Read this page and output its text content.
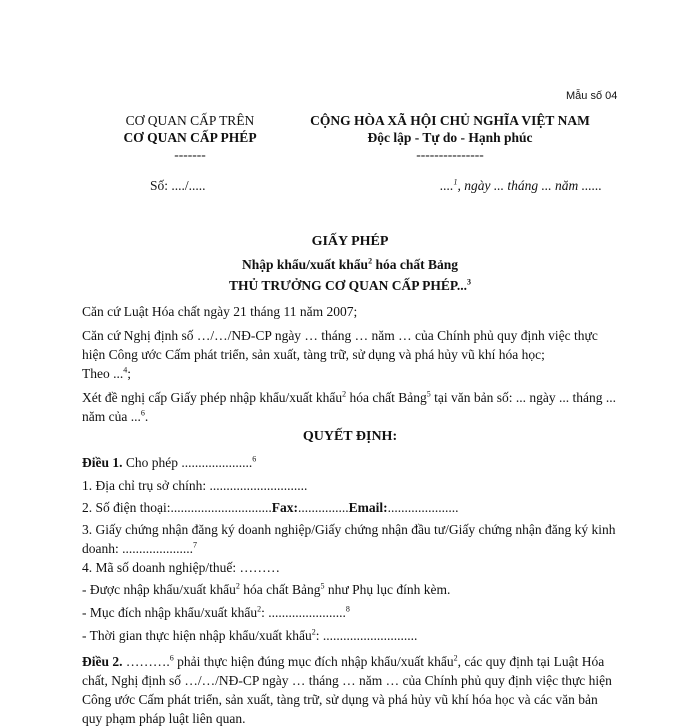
Mẫu số 04
CƠ QUAN CẤP TRÊN
CƠ QUAN CẤP PHÉP
-------
Số: ..../.....
CỘNG HÒA XÃ HỘI CHỦ NGHĨA VIỆT NAM
Độc lập - Tự do - Hạnh phúc
---------------
....$^1$, ngày ... tháng ... năm ......
GIẤY PHÉP
Nhập khẩu/xuất khẩu$^2$ hóa chất Bảng
THỦ TRƯỞNG CƠ QUAN CẤP PHÉP...$^3$
Căn cứ Luật Hóa chất ngày 21 tháng 11 năm 2007;
Căn cứ Nghị định số …/…/NĐ-CP ngày … tháng … năm … của Chính phủ quy định việc thực hiện Công ước Cấm phát triển, sản xuất, tàng trữ, sử dụng và phá hủy vũ khí hóa học;
Theo ...$^4$;
Xét đề nghị cấp Giấy phép nhập khẩu/xuất khẩu$^2$ hóa chất Bảng$^5$ tại văn bản số: ... ngày ... tháng ... năm của ...$^6$.
QUYẾT ĐỊNH:
Điều 1. Cho phép .....................$^6$
1. Địa chỉ trụ sở chính: .............................
2. Số điện thoại:..............................Fax:...............Email:.....................
3. Giấy chứng nhận đăng ký doanh nghiệp/Giấy chứng nhận đầu tư/Giấy chứng nhận đăng ký kinh doanh: .....................$^7$
4. Mã số doanh nghiệp/thuế: ………
- Được nhập khẩu/xuất khẩu$^2$ hóa chất Bảng$^5$ như Phụ lục đính kèm.
- Mục đích nhập khẩu/xuất khẩu$^2$: .......................$^8$
- Thời gian thực hiện nhập khẩu/xuất khẩu$^2$: ............................
Điều 2. ……….$^6$ phải thực hiện đúng mục đích nhập khẩu/xuất khẩu$^2$, các quy định tại Luật Hóa chất, Nghị định số …/…/NĐ-CP ngày … tháng … năm … của Chính phủ quy định việc thực hiện Công ước Cấm phát triển, sản xuất, tàng trữ, sử dụng và phá hủy vũ khí hóa học và các văn bản quy phạm pháp luật liên quan.
